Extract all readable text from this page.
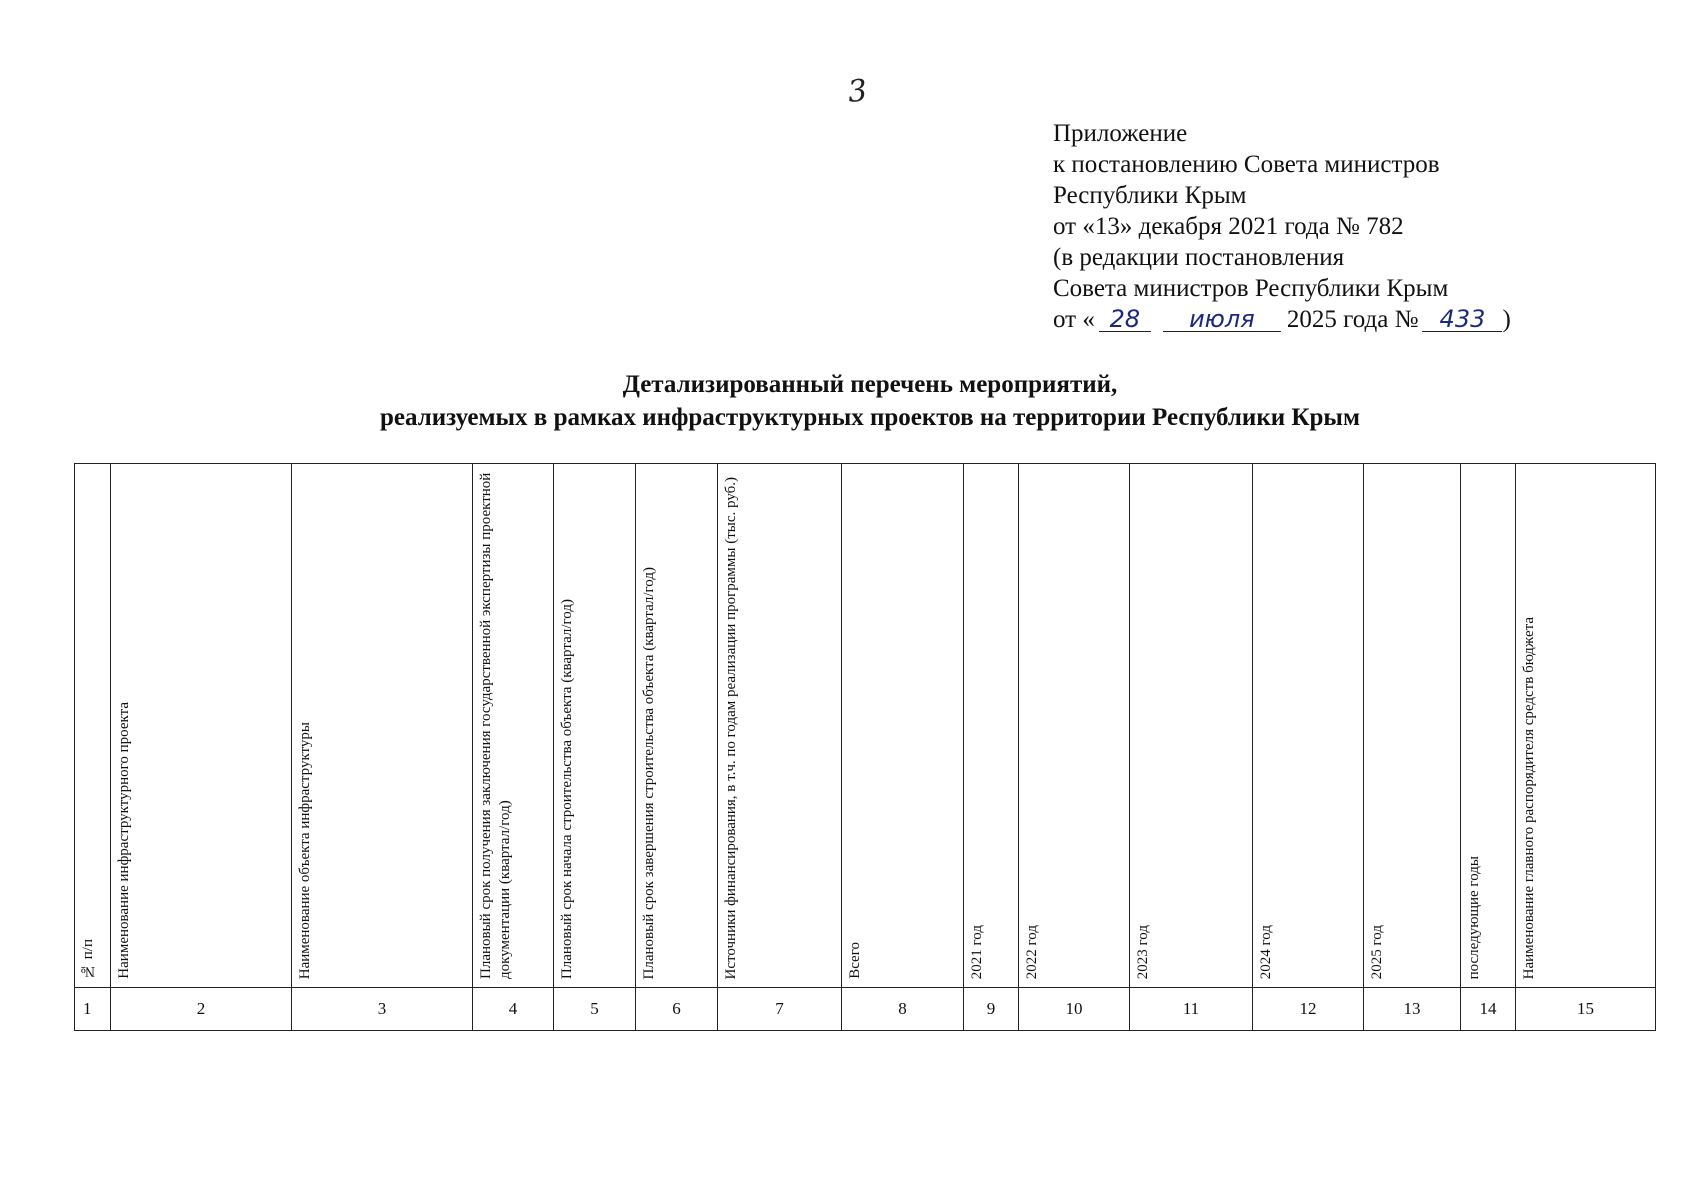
3
Приложение
к постановлению Совета министров
Республики Крым
от «13» декабря 2021 года № 782
(в редакции постановления
Совета министров Республики Крым
от « 28 июля 2025 года № 433 )
Детализированный перечень мероприятий,
реализуемых в рамках инфраструктурных проектов на территории Республики Крым
№ п/п	Наименование инфраструктурного проекта	Наименование объекта инфраструктуры	Плановый срок получения заключения государственной экспертизы проектной документации (квартал/год)	Плановый срок начала строительства объекта (квартал/год)	Плановый срок завершения строительства объекта (квартал/год)	Источники финансирования, в т.ч. по годам реализации программы (тыс. руб.)	Всего	2021 год	2022 год	2023 год	2024 год	2025 год	последующие годы	Наименование главного распорядителя средств бюджета

1	2	3	4	5	6	7	8	9	10	11	12	13	14	15
